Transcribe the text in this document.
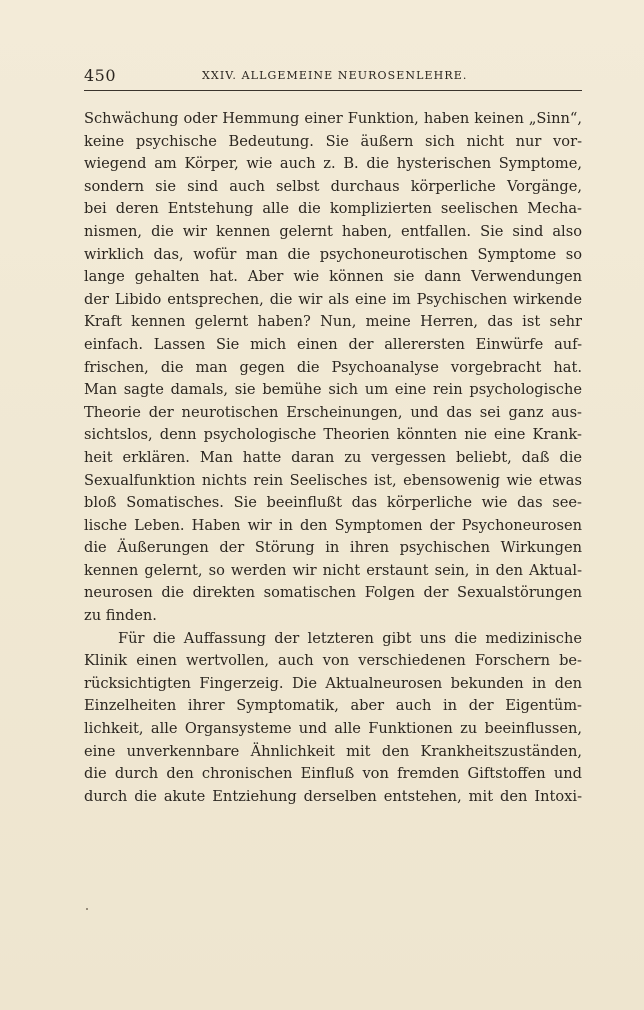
450	XXIV. ALLGEMEINE NEUROSENLEHRE.
Schwächung oder Hemmung einer Funktion, haben keinen „Sinn“,
keine psychische Bedeutung. Sie äußern sich nicht nur vor-
wiegend am Körper, wie auch z. B. die hysterischen Symptome,
sondern sie sind auch selbst durchaus körperliche Vorgänge,
bei deren Entstehung alle die komplizierten seelischen Mecha-
nismen, die wir kennen gelernt haben, entfallen. Sie sind also
wirklich das, wofür man die psychoneurotischen Symptome so
lange gehalten hat. Aber wie können sie dann Verwendungen
der Libido entsprechen, die wir als eine im Psychischen wirkende
Kraft kennen gelernt haben? Nun, meine Herren, das ist sehr
einfach. Lassen Sie mich einen der allerersten Einwürfe auf-
frischen, die man gegen die Psychoanalyse vorgebracht hat.
Man sagte damals, sie bemühe sich um eine rein psychologische
Theorie der neurotischen Erscheinungen, und das sei ganz aus-
sichtslos, denn psychologische Theorien könnten nie eine Krank-
heit erklären. Man hatte daran zu vergessen beliebt, daß die
Sexualfunktion nichts rein Seelisches ist, ebensowenig wie etwas
bloß Somatisches. Sie beeinflußt das körperliche wie das see-
lische Leben. Haben wir in den Symptomen der Psychoneurosen
die Äußerungen der Störung in ihren psychischen Wirkungen
kennen gelernt, so werden wir nicht erstaunt sein, in den Aktual-
neurosen die direkten somatischen Folgen der Sexualstörungen
zu finden.
Für die Auffassung der letzteren gibt uns die medizinische
Klinik einen wertvollen, auch von verschiedenen Forschern be-
rücksichtigten Fingerzeig. Die Aktualneurosen bekunden in den
Einzelheiten ihrer Symptomatik, aber auch in der Eigentüm-
lichkeit, alle Organsysteme und alle Funktionen zu beeinflussen,
eine unverkennbare Ähnlichkeit mit den Krankheitszuständen,
die durch den chronischen Einfluß von fremden Giftstoffen und
durch die akute Entziehung derselben entstehen, mit den Intoxi-
